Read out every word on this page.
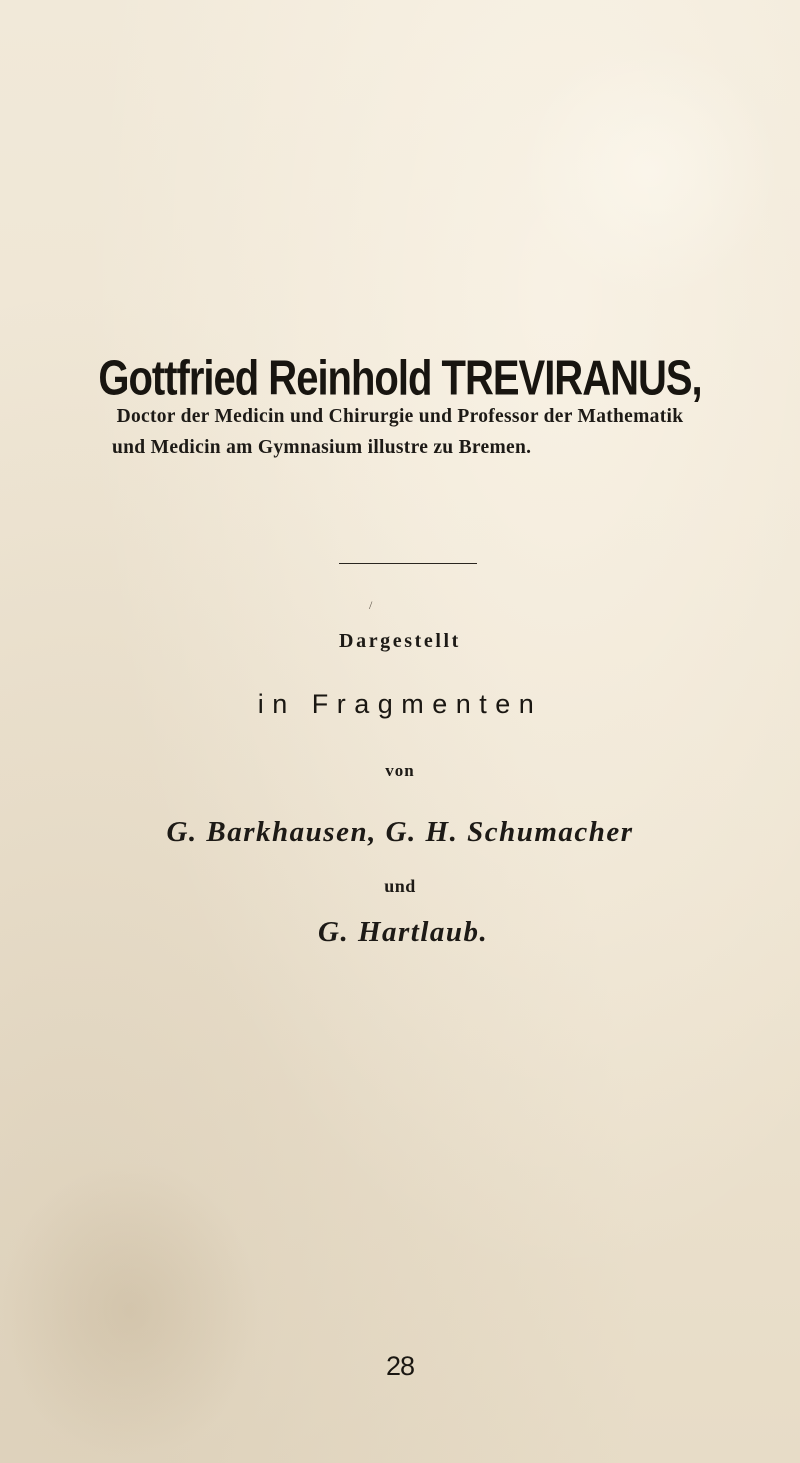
Gottfried Reinhold TREVIRANUS,
Doctor der Medicin und Chirurgie und Professor der Mathematik
und Medicin am Gymnasium illustre zu Bremen.
/
Dargestellt
in Fragmenten
von
G. Barkhausen, G. H. Schumacher
und
G. Hartlaub.
28
